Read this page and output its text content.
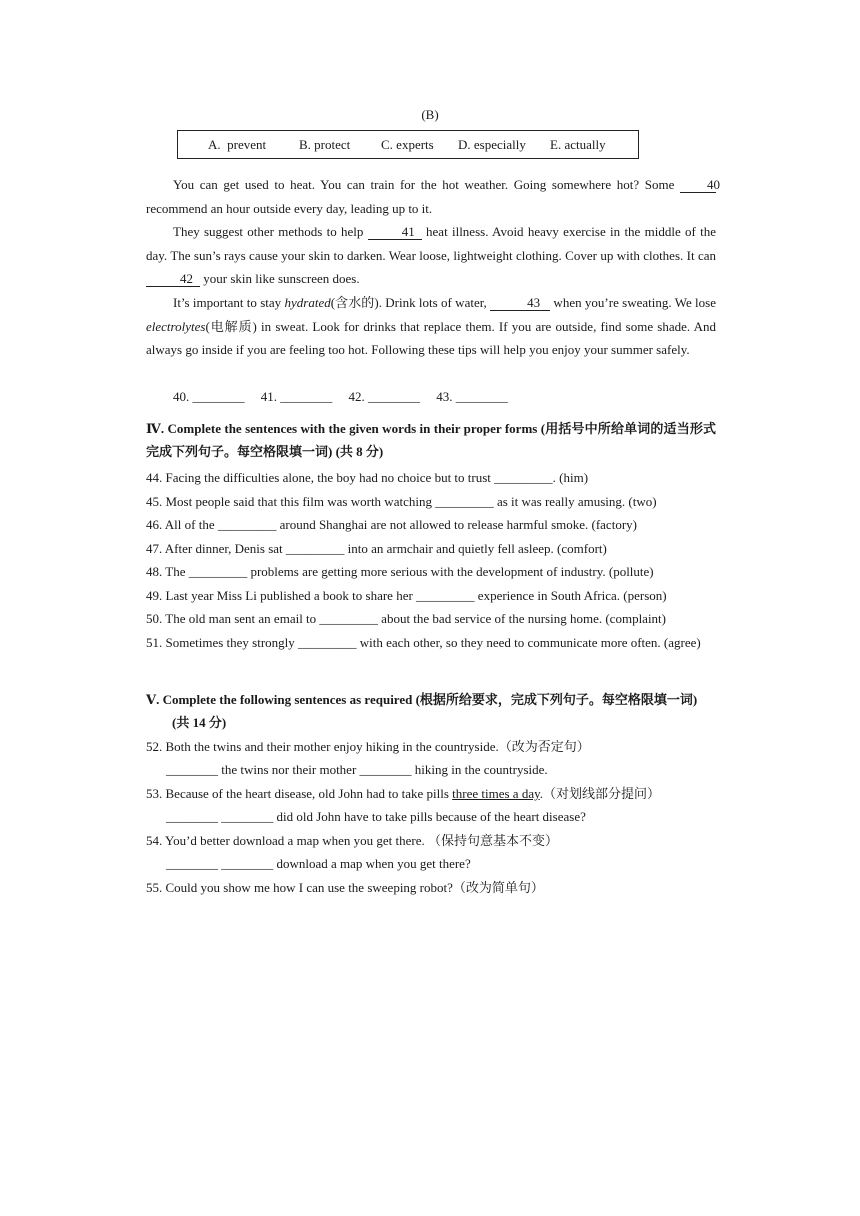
(B)
A.  prevent	B. protect	C. experts	D. especially	E. actually
You can get used to heat. You can train for the hot weather. Going somewhere hot? Some	40 recommend an hour outside every day, leading up to it.
They suggest other methods to help	41 heat illness. Avoid heavy exercise in the middle of the day. The sun’s rays cause your skin to darken. Wear loose, lightweight clothing. Cover up with clothes. It can 42 your skin like sunscreen does.
It’s important to stay hydrated(含水的). Drink lots of water,	43 when you’re sweating. We lose electrolytes(电解质) in sweat. Look for drinks that replace them. If you are outside, find some shade. And always go inside if you are feeling too hot. Following these tips will help you enjoy your summer safely.
40. ________     41. ________     42. ________     43. ________
Ⅳ. Complete the sentences with the given words in their proper forms (用括号中所给单词的适当形式完成下列句子。每空格限填一词) (共 8 分)
44. Facing the difficulties alone, the boy had no choice but to trust _________. (him)
45. Most people said that this film was worth watching _________ as it was really amusing. (two)
46. All of the _________ around Shanghai are not allowed to release harmful smoke. (factory)
47. After dinner, Denis sat _________ into an armchair and quietly fell asleep. (comfort)
48. The _________ problems are getting more serious with the development of industry. (pollute)
49. Last year Miss Li published a book to share her _________ experience in South Africa. (person)
50. The old man sent an email to _________ about the bad service of the nursing home. (complaint)
51. Sometimes they strongly _________ with each other, so they need to communicate more often. (agree)
Ⅴ. Complete the following sentences as required (根据所给要求，完成下列句子。每空格限填一词)
(共 14 分)
52. Both the twins and their mother enjoy hiking in the countryside.（改为否定句）
________ the twins nor their mother ________ hiking in the countryside.
53. Because of the heart disease, old John had to take pills three times a day.（对划线部分提问）
________ ________ did old John have to take pills because of the heart disease?
54. You’d better download a map when you get there. （保持句意基本不变）
________ ________ download a map when you get there?
55. Could you show me how I can use the sweeping robot?（改为简单句）
